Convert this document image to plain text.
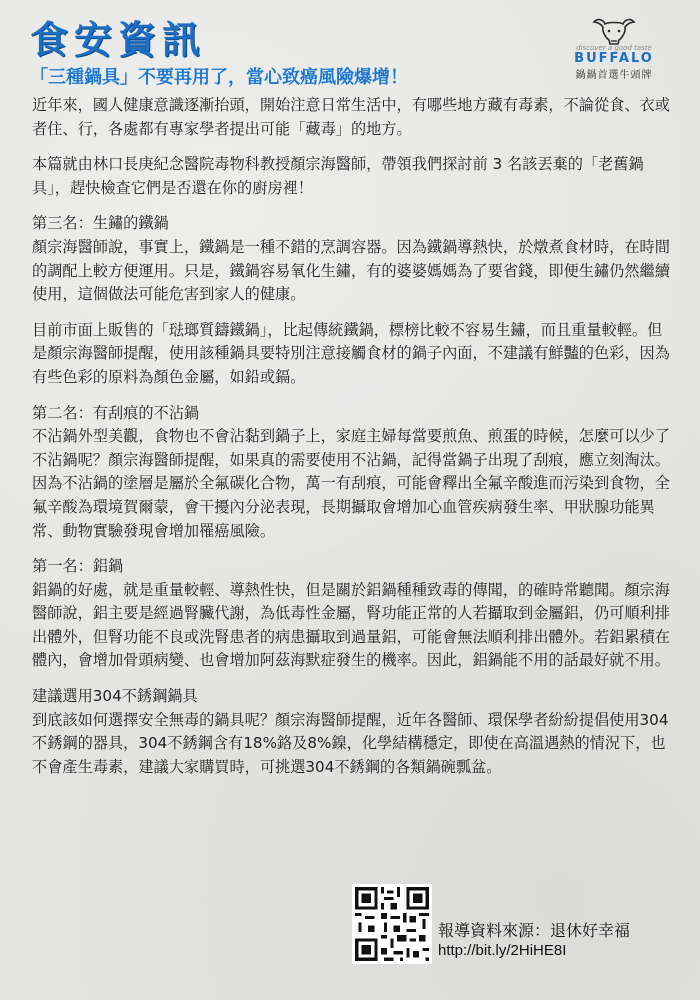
食安資訊
「三種鍋具」不要再用了，當心致癌風險爆增！
discover a good taste
BUFFALO
鍋鍋首選牛頭牌

近年來，國人健康意識逐漸抬頭，開始注意日常生活中，有哪些地方藏有毒素，不論從食、衣或者住、行，各處都有專家學者提出可能「藏毒」的地方。

本篇就由林口長庚紀念醫院毒物科教授顏宗海醫師，帶領我們探討前 3 名該丟棄的「老舊鍋具」，趕快檢查它們是否還在你的廚房裡！

第三名：生鏽的鐵鍋

顏宗海醫師說，事實上，鐵鍋是一種不錯的烹調容器。因為鐵鍋導熱快，於燉煮食材時，在時間的調配上較方便運用。只是，鐵鍋容易氧化生鏽，有的婆婆媽媽為了要省錢，即便生鏽仍然繼續使用，這個做法可能危害到家人的健康。

目前市面上販售的「琺瑯質鑄鐵鍋」，比起傳統鐵鍋，標榜比較不容易生鏽，而且重量較輕。但是顏宗海醫師提醒，使用該種鍋具要特別注意接觸食材的鍋子內面，不建議有鮮豔的色彩，因為有些色彩的原料為顏色金屬，如鉛或鎘。

第二名：有刮痕的不沾鍋

不沾鍋外型美觀，食物也不會沾黏到鍋子上，家庭主婦每當要煎魚、煎蛋的時候，怎麼可以少了不沾鍋呢？顏宗海醫師提醒，如果真的需要使用不沾鍋，記得當鍋子出現了刮痕，應立刻淘汰。因為不沾鍋的塗層是屬於全氟碳化合物，萬一有刮痕，可能會釋出全氟辛酸進而污染到食物，全氟辛酸為環境賀爾蒙，會干擾內分泌表現，長期攝取會增加心血管疾病發生率、甲狀腺功能異常、動物實驗發現會增加罹癌風險。

第一名：鋁鍋

鋁鍋的好處，就是重量較輕、導熱性快，但是關於鋁鍋種種致毒的傳聞，的確時常聽聞。顏宗海醫師說，鋁主要是經過腎臟代謝，為低毒性金屬，腎功能正常的人若攝取到金屬鋁，仍可順利排出體外，但腎功能不良或洗腎患者的病患攝取到過量鋁，可能會無法順利排出體外。若鋁累積在體內，會增加骨頭病變、也會增加阿茲海默症發生的機率。因此，鋁鍋能不用的話最好就不用。

建議選用304不銹鋼鍋具

到底該如何選擇安全無毒的鍋具呢？顏宗海醫師提醒，近年各醫師、環保學者紛紛提倡使用304不銹鋼的器具，304不銹鋼含有18%鉻及8%鎳，化學結構穩定，即使在高溫遇熱的情況下，也不會產生毒素，建議大家購買時，可挑選304不銹鋼的各類鍋碗瓢盆。

報導資料來源：退休好幸福
http://bit.ly/2HiHE8I
